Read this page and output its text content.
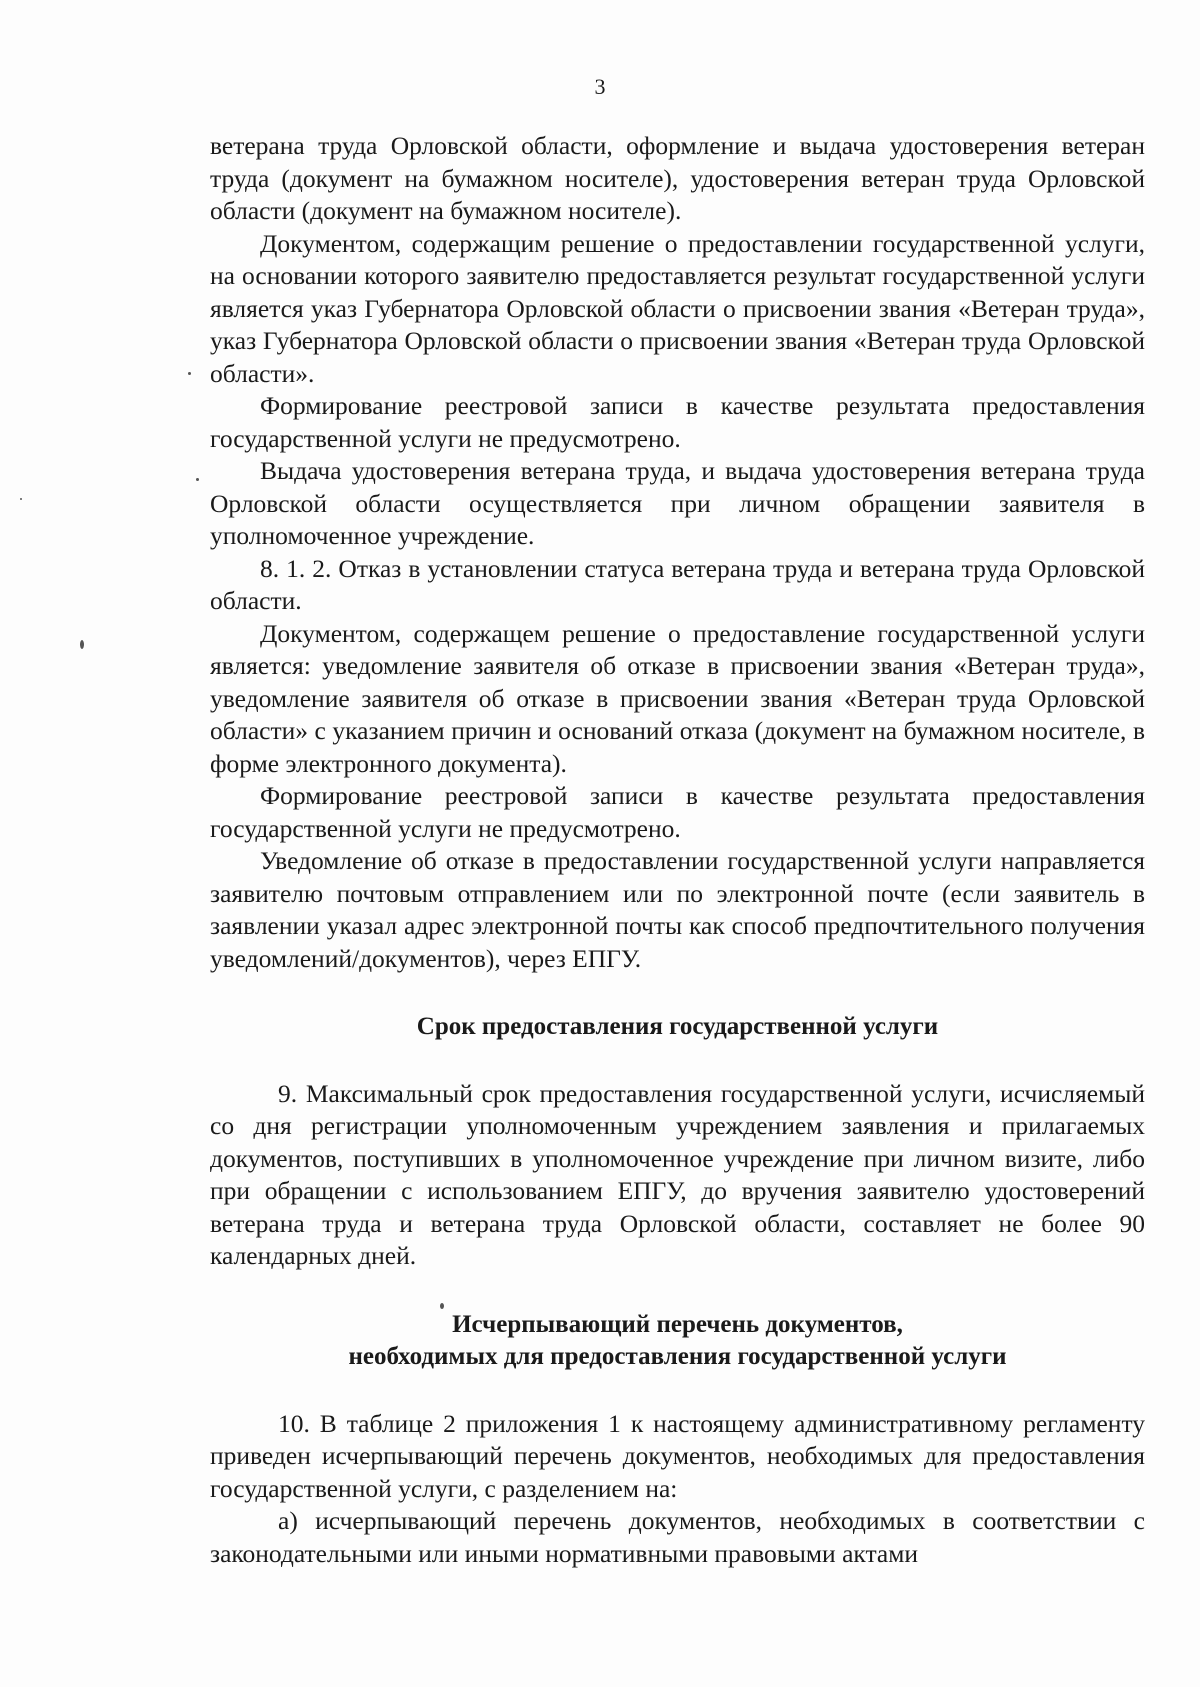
3

ветерана труда Орловской области, оформление и выдача удостоверения ветеран труда (документ на бумажном носителе), удостоверения ветеран труда Орловской области (документ на бумажном носителе).

Документом, содержащим решение о предоставлении государственной услуги, на основании которого заявителю предоставляется результат государственной услуги является указ Губернатора Орловской области о присвоении звания «Ветеран труда», указ Губернатора Орловской области о присвоении звания «Ветеран труда Орловской области».

Формирование реестровой записи в качестве результата предоставления государственной услуги не предусмотрено.

Выдача удостоверения ветерана труда, и выдача удостоверения ветерана труда Орловской области осуществляется при личном обращении заявителя в уполномоченное учреждение.

8. 1. 2. Отказ в установлении статуса ветерана труда и ветерана труда Орловской области.

Документом, содержащем решение о предоставление государственной услуги является: уведомление заявителя об отказе в присвоении звания «Ветеран труда», уведомление заявителя об отказе в присвоении звания «Ветеран труда Орловской области» с указанием причин и оснований отказа (документ на бумажном носителе, в форме электронного документа).

Формирование реестровой записи в качестве результата предоставления государственной услуги не предусмотрено.

Уведомление об отказе в предоставлении государственной услуги направляется заявителю почтовым отправлением или по электронной почте (если заявитель в заявлении указал адрес электронной почты как способ предпочтительного получения уведомлений/документов), через ЕПГУ.

Срок предоставления государственной услуги

9. Максимальный срок предоставления государственной услуги, исчисляемый со дня регистрации уполномоченным учреждением заявления и прилагаемых документов, поступивших в уполномоченное учреждение при личном визите, либо при обращении с использованием ЕПГУ, до вручения заявителю удостоверений ветерана труда и ветерана труда Орловской области, составляет не более 90 календарных дней.

Исчерпывающий перечень документов,

необходимых для предоставления государственной услуги

10. В таблице 2 приложения 1 к настоящему административному регламенту приведен исчерпывающий перечень документов, необходимых для предоставления государственной услуги, с разделением на:

а) исчерпывающий перечень документов, необходимых в соответствии с законодательными или иными нормативными правовыми актами
